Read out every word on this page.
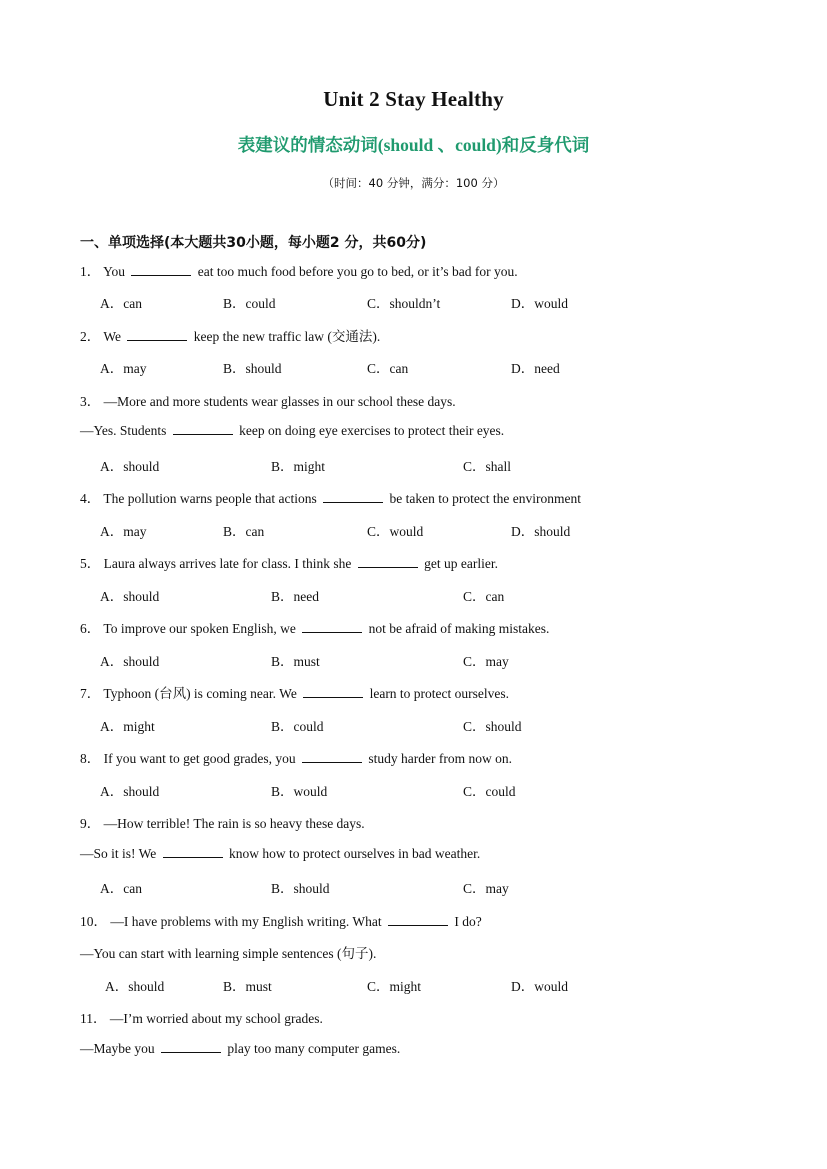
Unit 2 Stay Healthy
表建议的情态动词(should 、could)和反身代词
（时间：40 分钟，满分：100 分）
一、单项选择(本大题共30小题，每小题2 分，共60分)
1． You	eat too much food before you go to bed, or it’s bad for you.
A．can	B．could	C．shouldn’t	D．would
2． We	keep the new traffic law (交通法).
A．may	B．should	C．can	D．need
3． —More and more students wear glasses in our school these days.
—Yes. Students	keep on doing eye exercises to protect their eyes.
A．should	B．might	C．shall
4． The pollution warns people that actions	be taken to protect the environment
A．may	B．can	C．would	D．should
5． Laura always arrives late for class. I think she	get up earlier.
A．should	B．need	C．can
6． To improve our spoken English, we	not be afraid of making mistakes.
A．should	B．must	C．may
7． Typhoon (台风) is coming near. We	learn to protect ourselves.
A．might	B．could	C．should
8． If you want to get good grades, you	study harder from now on.
A．should	B．would	C．could
9． —How terrible! The rain is so heavy these days.
—So it is! We	know how to protect ourselves in bad weather.
A．can	B．should	C．may
10． —I have problems with my English writing. What	I do?
—You can start with learning simple sentences (句子).
A．should	B．must	C．might	D．would
11． —I’m worried about my school grades.
—Maybe you	play too many computer games.
